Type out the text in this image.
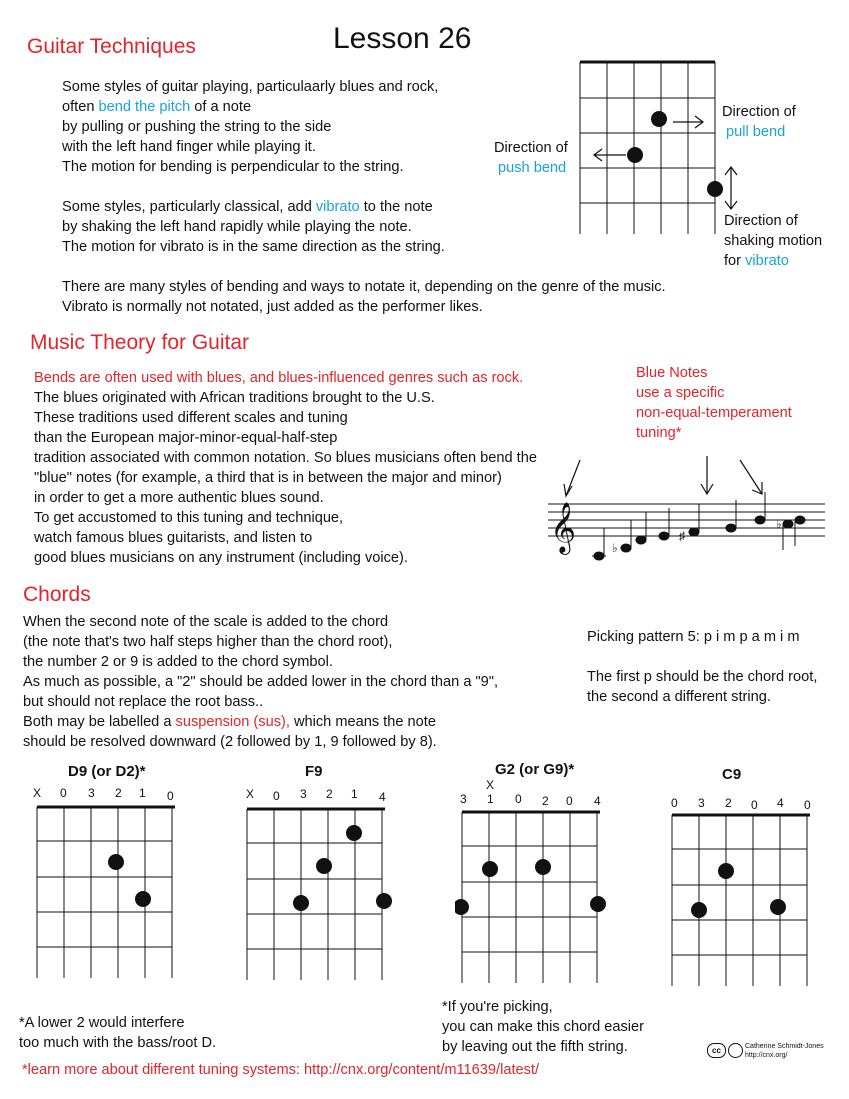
Lesson 26
Guitar Techniques
Music Theory for Guitar
Chords
Some styles of guitar playing, particulaarly blues and rock,
often bend the pitch of a note
by pulling or pushing the string to the side
with the left hand finger while playing it.
The motion for bending is perpendicular to the string.
Some styles, particularly classical, add vibrato to the note
by shaking the left hand rapidly while playing the note.
The motion for vibrato is in the same direction as the string.
There are many styles of bending and ways to notate it, depending on the genre of the music.
Vibrato is normally not notated, just added as the performer likes.
Direction of
pull bend
Direction of
push bend
Direction of
shaking motion
for vibrato
Bends are often used with blues, and blues-influenced genres such as rock.
The blues originated with African traditions brought to the U.S.
These traditions used different scales and tuning
than the European major-minor-equal-half-step
tradition associated with common notation. So blues musicians often bend the
"blue" notes (for example, a third that is in between the major and minor)
in order to get a more authentic blues sound.
To get accustomed to this tuning and technique,
watch famous blues guitarists, and listen to
good blues musicians on any instrument (including voice).
Blue Notes
use a specific
non-equal-temperament
tuning*
𝄞	♭
♯
♭
When the second note of the scale is added to the chord
(the note that's two half steps higher than the chord root),
the number 2 or 9 is added to the chord symbol.
As much as possible, a "2" should be added lower in the chord than a "9",
but should not replace the root bass..
Both may be labelled a suspension (sus), which means the note
should be resolved downward (2 followed by 1, 9 followed by 8).
Picking pattern 5: p i m p a m i m
The first p should be the chord root,
the second a different string.
D9 (or D2)*	F9	G2 (or G9)*	C9
X 0 3 2 1 0	X 0 3 2 1 4
X
3 1 0 2 0 4	0 3 2 0 4 0
*A lower 2 would interfere
too much with the bass/root D.
*If you're picking,
you can make this chord easier
by leaving out the fifth string.
*learn more about different tuning systems: http://cnx.org/content/m11639/latest/
cc	Catherine Schmidt-Jones
http://cnx.org/
